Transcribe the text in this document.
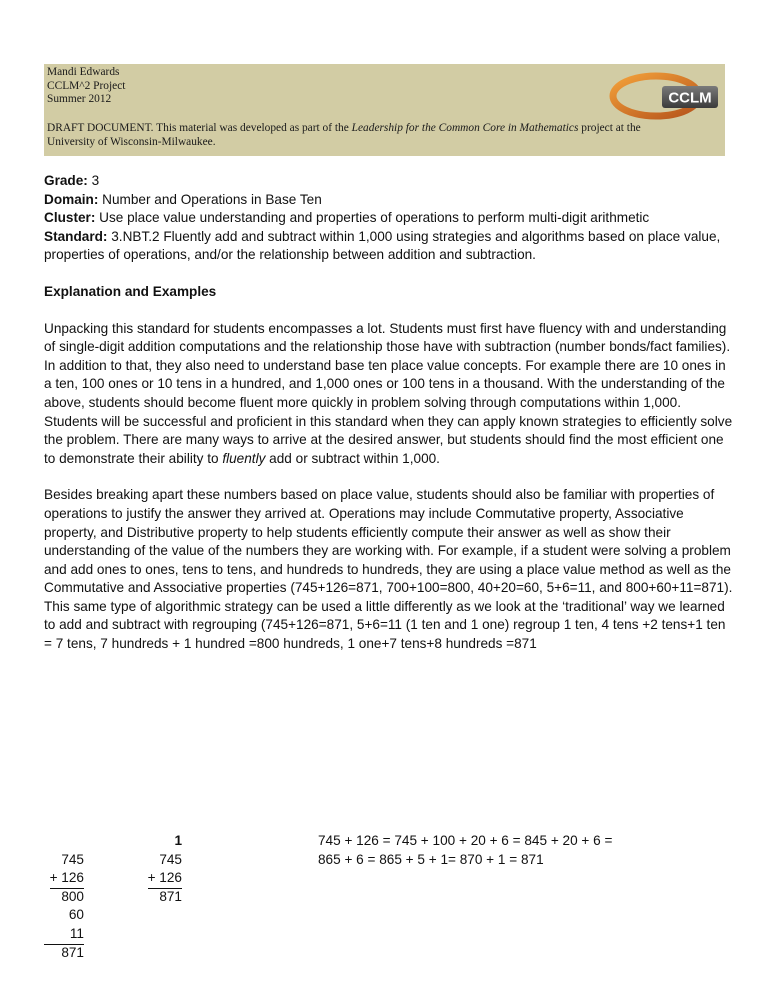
Mandi Edwards
CCLM^2 Project
Summer 2012	CCLM
DRAFT DOCUMENT. This material was developed as part of the Leadership for the Common Core in Mathematics project at the University of Wisconsin-Milwaukee.

Grade: 3

Domain: Number and Operations in Base Ten

Cluster: Use place value understanding and properties of operations to perform multi-digit arithmetic

Standard: 3.NBT.2 Fluently add and subtract within 1,000 using strategies and algorithms based on place value, properties of operations, and/or the relationship between addition and subtraction.

Explanation and Examples

Unpacking this standard for students encompasses a lot. Students must first have fluency with and understanding of single-digit addition computations and the relationship those have with subtraction (number bonds/fact families). In addition to that, they also need to understand base ten place value concepts. For example there are 10 ones in a ten, 100 ones or 10 tens in a hundred, and 1,000 ones or 100 tens in a thousand. With the understanding of the above, students should become fluent more quickly in problem solving through computations within 1,000. Students will be successful and proficient in this standard when they can apply known strategies to efficiently solve the problem. There are many ways to arrive at the desired answer, but students should find the most efficient one to demonstrate their ability to fluently add or subtract within 1,000.

Besides breaking apart these numbers based on place value, students should also be familiar with properties of operations to justify the answer they arrived at. Operations may include Commutative property, Associative property, and Distributive property to help students efficiently compute their answer as well as show their understanding of the value of the numbers they are working with. For example, if a student were solving a problem and add ones to ones, tens to tens, and hundreds to hundreds, they are using a place value method as well as the Commutative and Associative properties (745+126=871, 700+100=800, 40+20=60, 5+6=11, and 800+60+11=871). This same type of algorithmic strategy can be used a little differently as we look at the ‘traditional’ way we learned to add and subtract with regrouping (745+126=871, 5+6=11 (1 ten and 1 one) regroup 1 ten, 4 tens +2 tens+1 ten = 7 tens, 7 hundreds + 1 hundred =800 hundreds, 1 one+7 tens+8 hundreds =871

745
+ 126
800
60
11
871
1
745
+ 126
871
745 + 126 = 745 + 100 + 20 + 6 = 845 + 20 + 6 =
865 + 6 = 865 + 5 + 1= 870 + 1 = 871
